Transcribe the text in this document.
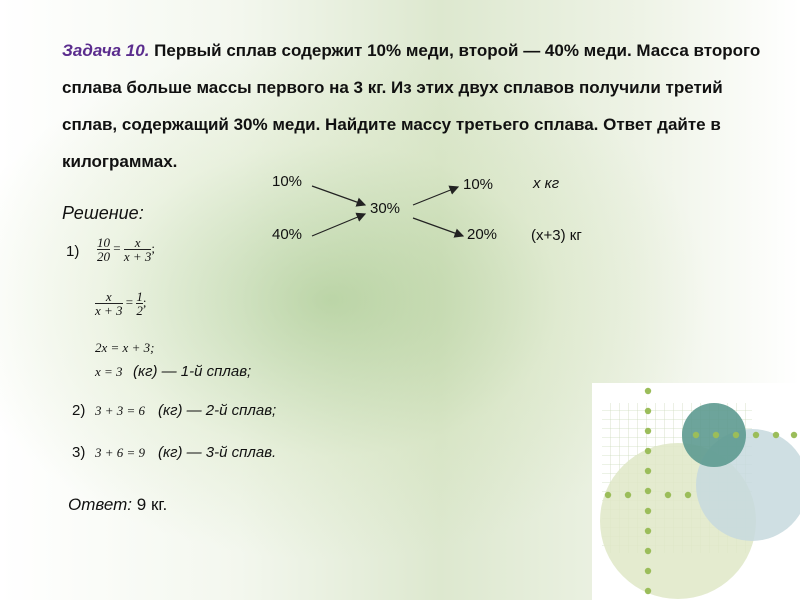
Задача 10. Первый сплав содержит 10% меди, второй — 40% меди. Масса второго сплава больше массы первого на 3 кг. Из этих двух сплавов получили третий сплав, содержащий 30% меди. Найдите массу третьего сплава. Ответ дайте в килограммах.
10%
40%
30%
10%
20%
x кг
(x+3) кг
Решение:
$1) \frac{10}{20} = \frac{x}{x + 3}$ ;
$\frac{x}{x + 3} = \frac{1}{2}$ ;
2x = x + 3;
x = 3 (кг) — 1-й сплав;
2) 3 + 3 = 6 (кг) — 2-й сплав;
3) 3 + 6 = 9 (кг) — 3-й сплав.
Ответ: 9 кг.
